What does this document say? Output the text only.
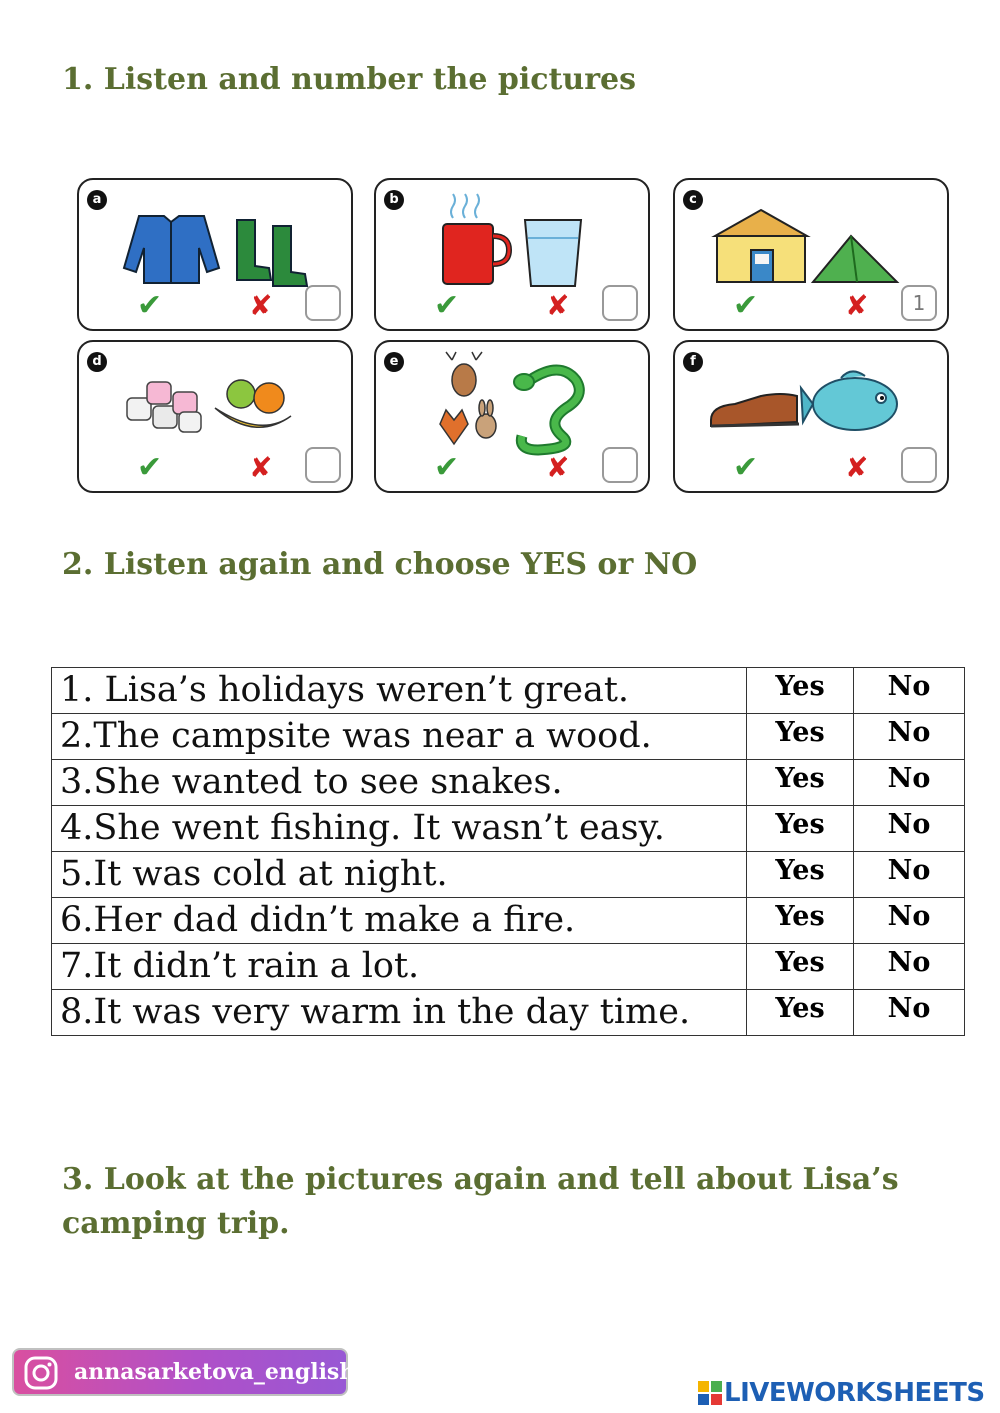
1. Listen and number the pictures
a
✔	✘
b
✔	✘
c
✔	✘	1
d
✔	✘
e
✔	✘
f
✔	✘
2. Listen again and choose YES or NO
1. Lisa’s holidays weren’t great.	Yes	No
2.The campsite was near a wood.	Yes	No
3.She wanted to see snakes.	Yes	No
4.She went fishing. It wasn’t easy.	Yes	No
5.It was cold at night.	Yes	No
6.Her dad didn’t make a fire.	Yes	No
7.It didn’t rain a lot.	Yes	No
8.It was very warm in the day time.	Yes	No
3. Look at the pictures again and tell about Lisa’s camping trip.
annasarketova_english
LIVEWORKSHEETS
